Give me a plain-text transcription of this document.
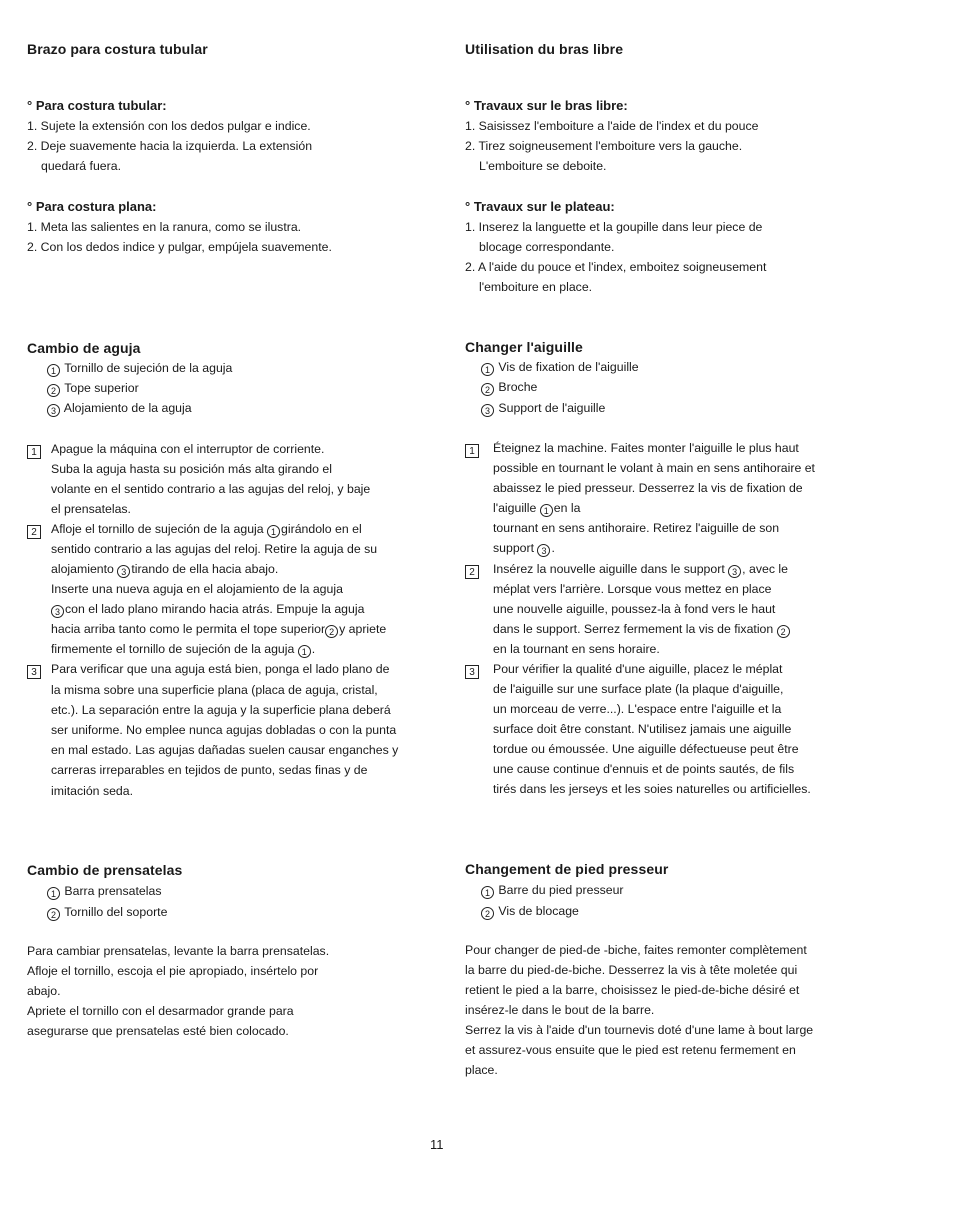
Brazo para costura tubular
° Para costura tubular:
1. Sujete la extensión con los dedos pulgar e indice.
2. Deje suavemente hacia la izquierda. La extensión
quedará fuera.
° Para costura plana:
1. Meta las salientes en la ranura, como se ilustra.
2. Con los dedos indice y pulgar, empújela suavemente.
Cambio de aguja
1 Tornillo de sujeción de la aguja
2 Tope superior
3 Alojamiento de la aguja
1	Apague la máquina con el interruptor de corriente.
Suba la aguja hasta su posición más alta girando el
volante en el sentido contrario a las agujas del reloj, y baje
el prensatelas.
2	Afloje el tornillo de sujeción de la aguja 1 girándolo en el
sentido contrario a las agujas del reloj. Retire la aguja de su
alojamiento 3 tirando de ella hacia abajo.
Inserte una nueva aguja en el alojamiento de la aguja
3 con el lado plano mirando hacia atrás. Empuje la aguja
hacia arriba tanto como le permita el tope superior 2 y apriete
firmemente el tornillo de sujeción de la aguja 1 .
3	Para verificar que una aguja está bien, ponga el lado plano de
la misma sobre una superficie plana (placa de aguja, cristal,
etc.). La separación entre la aguja y la superficie plana deberá
ser uniforme. No emplee nunca agujas dobladas o con la punta
en mal estado. Las agujas dañadas suelen causar enganches y
carreras irreparables en tejidos de punto, sedas finas y de
imitación seda.
Cambio de prensatelas
1 Barra prensatelas
2 Tornillo del soporte
Para cambiar prensatelas, levante la barra prensatelas.
Afloje el tornillo, escoja el pie apropiado, insértelo por
abajo.
Apriete el tornillo con el desarmador grande para
asegurarse que prensatelas esté bien colocado.
Utilisation du bras libre
° Travaux sur le bras libre:
1. Saisissez l'emboiture a l'aide de l'index et du pouce
2. Tirez soigneusement l'emboiture vers la gauche.
L'emboiture se deboite.
° Travaux sur le plateau:
1. Inserez la languette et la goupille dans leur piece de
blocage correspondante.
2. A l'aide du pouce et l'index, emboitez soigneusement
l'emboiture en place.
Changer l'aiguille
1 Vis de fixation de l'aiguille
2 Broche
3 Support de l'aiguille
1	Éteignez la machine. Faites monter l'aiguille le plus haut
possible en tournant le volant à main en sens antihoraire et
abaissez le pied presseur. Desserrez la vis de fixation de
l'aiguille 1 en la
tournant en sens antihoraire. Retirez l'aiguille de son
support 3 .
2	Insérez la nouvelle aiguille dans le support 3 , avec le
méplat vers l'arrière. Lorsque vous mettez en place
une nouvelle aiguille, poussez-la à fond vers le haut
dans le support. Serrez fermement la vis de fixation 2
en la tournant en sens horaire.
3	Pour vérifier la qualité d'une aiguille, placez le méplat
de l'aiguille sur une surface plate (la plaque d'aiguille,
un morceau de verre...). L'espace entre l'aiguille et la
surface doit être constant. N'utilisez jamais une aiguille
tordue ou émoussée. Une aiguille défectueuse peut être
une cause continue d'ennuis et de points sautés, de fils
tirés dans les jerseys et les soies naturelles ou artificielles.
Changement de pied presseur
1 Barre du pied presseur
2 Vis de blocage
Pour changer de pied-de -biche, faites remonter complètement
la barre du pied-de-biche. Desserrez la vis à tête moletée qui
retient le pied a la barre, choisissez le pied-de-biche désiré et
insérez-le dans le bout de la barre.
Serrez la vis à l'aide d'un tournevis doté d'une lame à bout large
et assurez-vous ensuite que le pied est retenu fermement en
place.
11
